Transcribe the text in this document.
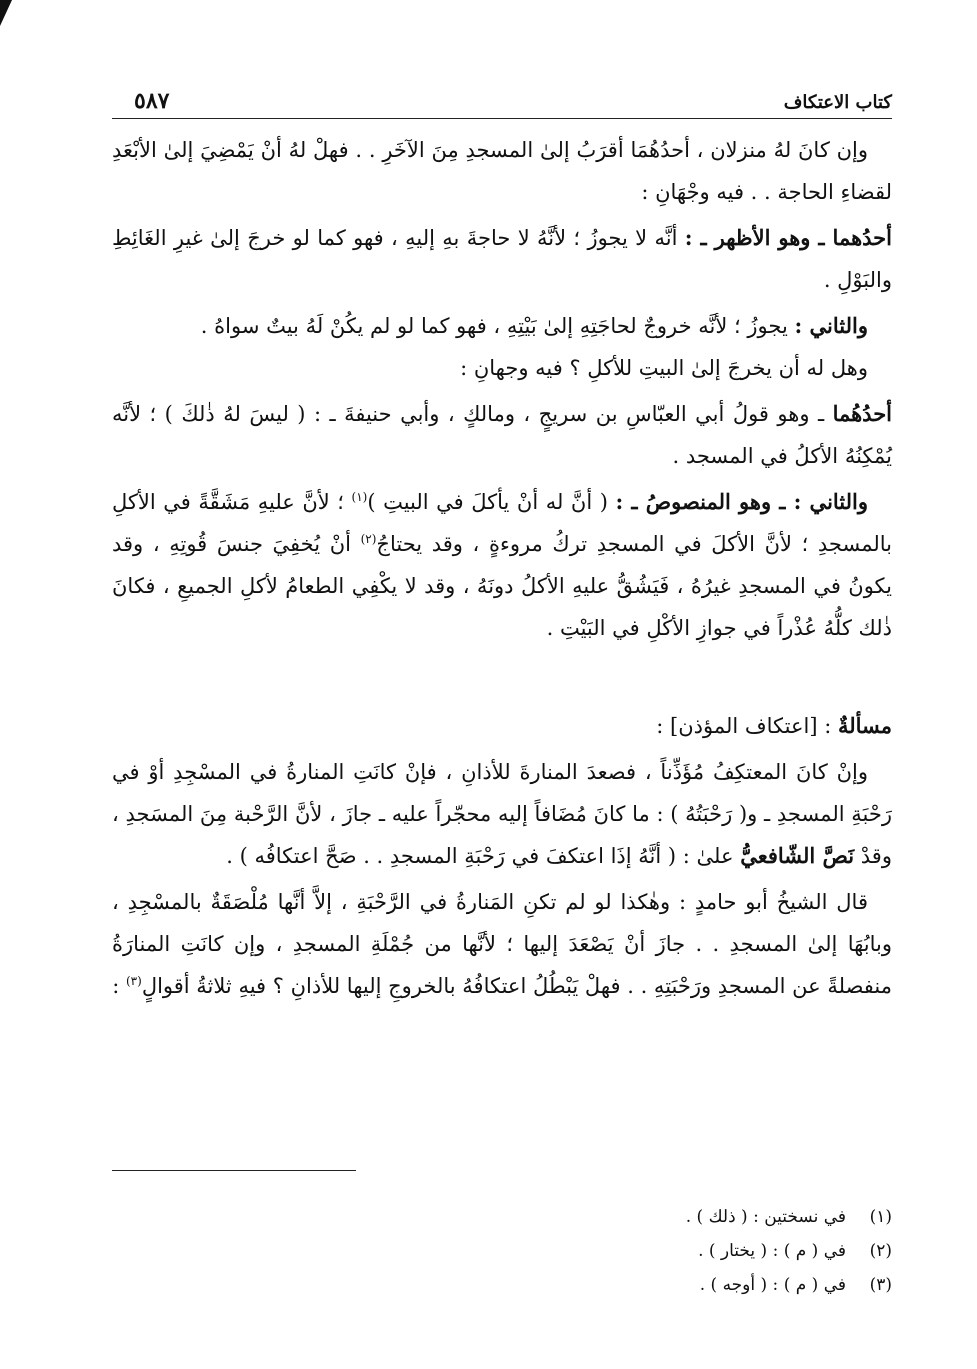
كتاب الاعتكاف
٥٨٧

وإن كانَ لهُ منزلان ، أحدُهُمَا أقرَبُ إلىٰ المسجدِ مِنَ الآخَرِ . . فهلْ لهُ أنْ يَمْضِيَ إلىٰ الأبْعَدِ لقضاءِ الحاجة . . فيه وجْهَانِ :

أحدُهما ـ وهو الأظهر ـ : أنَّه لا يجوزُ ؛ لأنَّهُ لا حاجةَ بهِ إليهِ ، فهو كما لو خرجَ إلىٰ غيرِ الغَائِطِ والبَوْلِ .

والثاني : يجوزُ ؛ لأنَّه خروجٌ لحاجَتِهِ إلىٰ بَيْتِهِ ، فهو كما لو لم يكُنْ لَهُ بيتٌ سواهُ .

وهل له أن يخرجَ إلىٰ البيتِ للأكلِ ؟ فيه وجهانِ :

أحدُهُما ـ وهو قولُ أبي العبّاسِ بن سريجٍ ، ومالكٍ ، وأبي حنيفةَ ـ : ( ليسَ لهُ ذٰلكَ ) ؛ لأنَّه يُمْكِنُهُ الأكلُ في المسجد .

والثاني : ـ وهو المنصوصُ ـ : ( أنَّ له أنْ يأكلَ في البيتِ )$^{(١)}$ ؛ لأنَّ عليهِ مَشَقَّةً في الأكلِ بالمسجدِ ؛ لأنَّ الأكلَ في المسجدِ تركُ مروءةٍ ، وقد يحتاجُ$^{(٢)}$ أنْ يُخفِيَ جنسَ قُوتِهِ ، وقد يكونُ في المسجدِ غيرُهُ ، فَيَشُقُّ عليهِ الأكلُ دونَهُ ، وقد لا يكْفِي الطعامُ لأكلِ الجميعِ ، فكانَ ذٰلك كلُّهُ عُذْراً في جوازِ الأكْلِ في البَيْتِ .

مسألةٌ : [اعتكاف المؤذن] :

وإنْ كانَ المعتكِفُ مُؤَذِّناً ، فصعدَ المنارةَ للأذانِ ، فإنْ كانَتِ المنارةُ في المسْجِدِ أوْ في رَحْبَةِ المسجدِ ـ و( رَحْبَتُهُ ) : ما كانَ مُضَافاً إليه محجّراً عليه ـ جازَ ، لأنَّ الرَّحْبة مِنَ المسَجدِ ، وقدْ نَصَّ الشّافعيُّ علىٰ : ( أنَّهُ إذَا اعتكفَ في رَحْبَةِ المسجدِ . . صَحَّ اعتكافُه ) .

قال الشيخُ أبو حامدٍ : وهٰكذا لو لم تكنِ المَنارةُ في الرَّحْبَةِ ، إلاَّ أنَّها مُلْصَقَةٌ بالمسْجِدِ ، وبابُهَا إلىٰ المسجدِ . . جازَ أنْ يَصْعَدَ إليها ؛ لأنَّها من جُمْلَةِ المسجدِ ، وإن كانَتِ المنارَةُ منفصلةً عن المسجدِ ورَحْبَتِهِ . . فهلْ يَبْطُلُ اعتكافُهُ بالخروجِ إليها للأذانِ ؟ فيهِ ثلاثةُ أقوالٍ$^{(٣)}$ :

(١)في نسختين : ( ذلك ) .
(٢)في ( م ) : ( يختار ) .
(٣)في ( م ) : ( أوجه ) .
